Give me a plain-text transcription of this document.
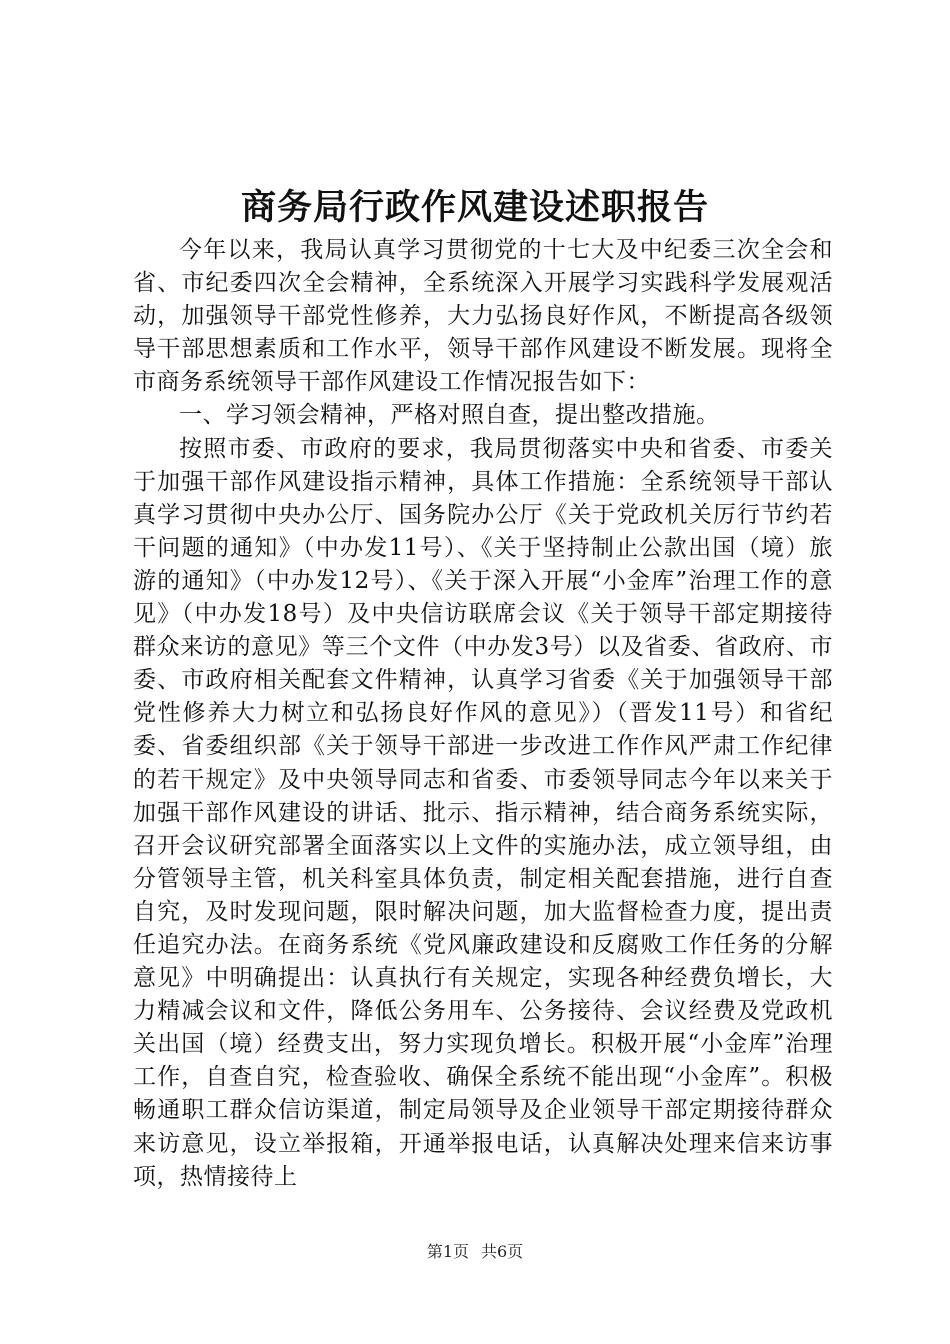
商务局行政作风建设述职报告

今年以来，我局认真学习贯彻党的十七大及中纪委三次全会和省、市纪委四次全会精神，全系统深入开展学习实践科学发展观活动，加强领导干部党性修养，大力弘扬良好作风，不断提高各级领导干部思想素质和工作水平，领导干部作风建设不断发展。现将全市商务系统领导干部作风建设工作情况报告如下：

一、学习领会精神，严格对照自查，提出整改措施。

按照市委、市政府的要求，我局贯彻落实中央和省委、市委关于加强干部作风建设指示精神，具体工作措施：全系统领导干部认真学习贯彻中央办公厅、国务院办公厅《关于党政机关厉行节约若干问题的通知》（中办发11号）、《关于坚持制止公款出国（境）旅游的通知》（中办发12号）、《关于深入开展“小金库”治理工作的意见》（中办发18号）及中央信访联席会议《关于领导干部定期接待群众来访的意见》等三个文件（中办发3号）以及省委、省政府、市委、市政府相关配套文件精神，认真学习省委《关于加强领导干部党性修养大力树立和弘扬良好作风的意见》）（晋发11号）和省纪委、省委组织部《关于领导干部进一步改进工作作风严肃工作纪律的若干规定》及中央领导同志和省委、市委领导同志今年以来关于加强干部作风建设的讲话、批示、指示精神，结合商务系统实际，召开会议研究部署全面落实以上文件的实施办法，成立领导组，由分管领导主管，机关科室具体负责，制定相关配套措施，进行自查自究，及时发现问题，限时解决问题，加大监督检查力度，提出责任追究办法。在商务系统《党风廉政建设和反腐败工作任务的分解意见》中明确提出：认真执行有关规定，实现各种经费负增长，大力精减会议和文件，降低公务用车、公务接待、会议经费及党政机关出国（境）经费支出，努力实现负增长。积极开展“小金库”治理工作，自查自究，检查验收、确保全系统不能出现“小金库”。积极畅通职工群众信访渠道，制定局领导及企业领导干部定期接待群众来访意见，设立举报箱，开通举报电话，认真解决处理来信来访事项，热情接待上

第1页 共6页
